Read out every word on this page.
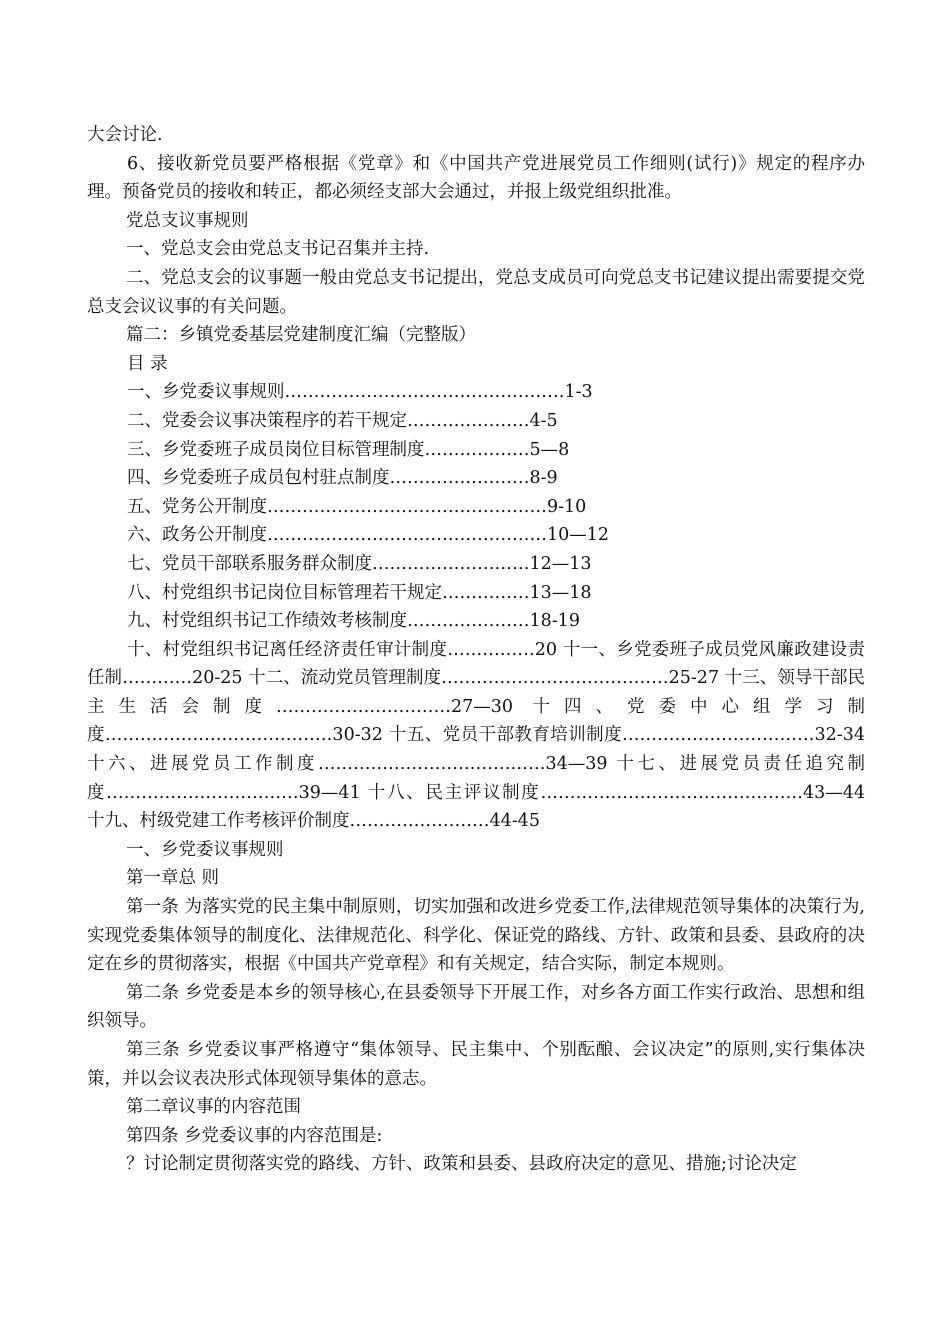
大会讨论.

6、接收新党员要严格根据《党章》和《中国共产党进展党员工作细则(试行)》规定的程序办理。预备党员的接收和转正，都必须经支部大会通过，并报上级党组织批准。

党总支议事规则

一、党总支会由党总支书记召集并主持.

二、党总支会的议事题一般由党总支书记提出，党总支成员可向党总支书记建议提出需要提交党总支会议议事的有关问题。

篇二：乡镇党委基层党建制度汇编（完整版）

目 录

一、乡党委议事规则…………………………………………1-3

二、党委会议事决策程序的若干规定…………………4-5

三、乡党委班子成员岗位目标管理制度………………5—8

四、乡党委班子成员包村驻点制度……………………8-9

五、党务公开制度…………………………………………9-10

六、政务公开制度…………………………………………10—12

七、党员干部联系服务群众制度………………………12—13

八、村党组织书记岗位目标管理若干规定……………13—18

九、村党组织书记工作绩效考核制度…………………18-19

十、村党组织书记离任经济责任审计制度……………20 十一、乡党委班子成员党风廉政建设责任制…………20-25 十二、流动党员管理制度…………………………………25-27 十三、领导干部民主生活会制度…………………………27—30 十四、党委中心组学习制度…………………………………30-32 十五、党员干部教育培训制度……………………………32-34 十六、进展党员工作制度…………………………………34—39 十七、进展党员责任追究制度……………………………39—41 十八、民主评议制度………………………………………43—44 十九、村级党建工作考核评价制度……………………44-45

一、乡党委议事规则

第一章总 则

第一条 为落实党的民主集中制原则，切实加强和改进乡党委工作,法律规范领导集体的决策行为,实现党委集体领导的制度化、法律规范化、科学化、保证党的路线、方针、政策和县委、县政府的决定在乡的贯彻落实，根据《中国共产党章程》和有关规定，结合实际，制定本规则。

第二条 乡党委是本乡的领导核心,在县委领导下开展工作，对乡各方面工作实行政治、思想和组织领导。

第三条 乡党委议事严格遵守“集体领导、民主集中、个别酝酿、会议决定”的原则,实行集体决策，并以会议表决形式体现领导集体的意志。

第二章议事的内容范围

第四条 乡党委议事的内容范围是:

？讨论制定贯彻落实党的路线、方针、政策和县委、县政府决定的意见、措施;讨论决定
